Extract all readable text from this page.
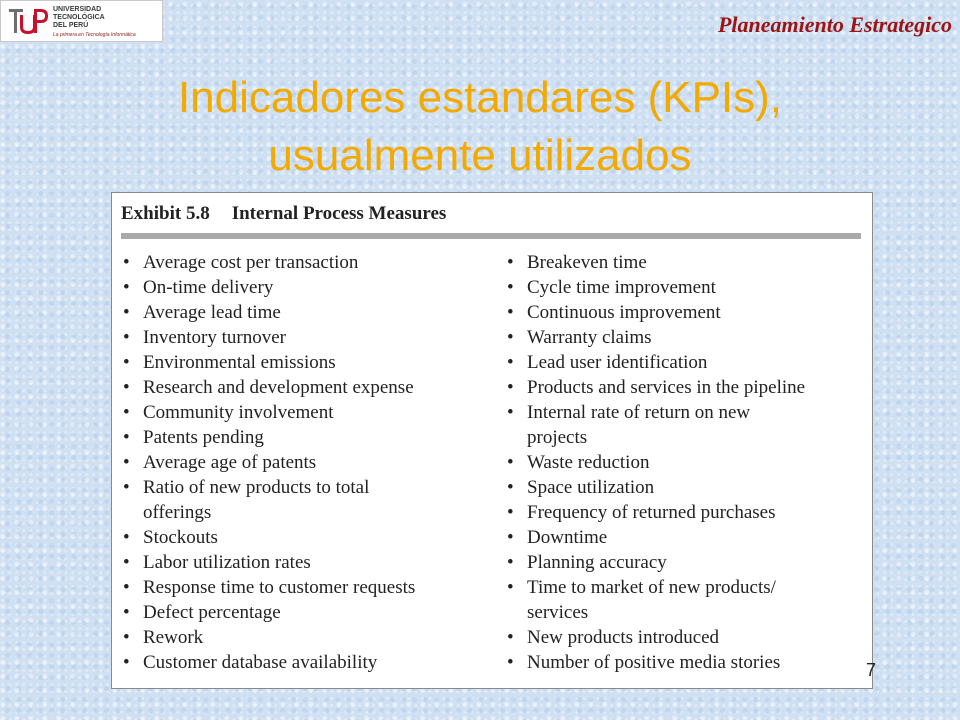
UNIVERSIDAD
TECNOLÓGICA
DEL PERÚ
La primera en Tecnología Informática	Planeamiento Estrategico
Indicadores estandares (KPIs),
usualmente utilizados
Exhibit 5.8 Internal Process Measures
• Average cost per transaction
• On-time delivery
• Average lead time
• Inventory turnover
• Environmental emissions
• Research and development expense
• Community involvement
• Patents pending
• Average age of patents
• Ratio of new products to total
offerings
• Stockouts
• Labor utilization rates
• Response time to customer requests
• Defect percentage
• Rework
• Customer database availability
• Breakeven time
• Cycle time improvement
• Continuous improvement
• Warranty claims
• Lead user identification
• Products and services in the pipeline
• Internal rate of return on new
projects
• Waste reduction
• Space utilization
• Frequency of returned purchases
• Downtime
• Planning accuracy
• Time to market of new products/
services
• New products introduced
• Number of positive media stories	7
